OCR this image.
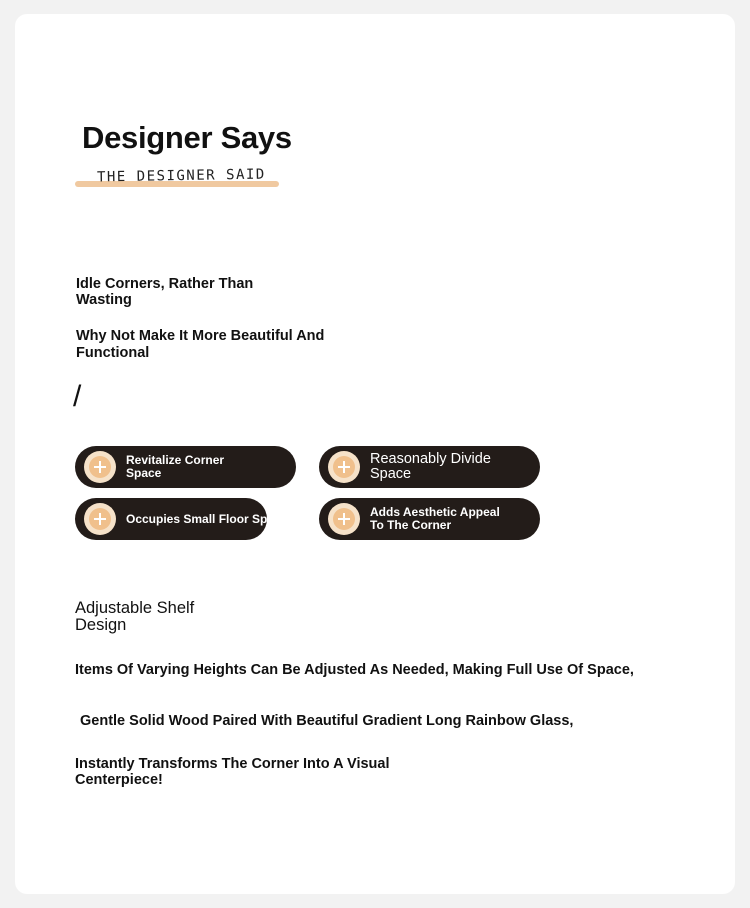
Designer Says
THE DESIGNER SAID

Idle Corners, Rather Than

Wasting

Why Not Make It More Beautiful And

Functional

/
Revitalize Corner
Space
Reasonably Divide
Space
Occupies Small Floor Space	Adds Aesthetic Appeal
To The Corner

Adjustable Shelf

Design

Items Of Varying Heights Can Be Adjusted As Needed, Making Full Use Of Space,

Gentle Solid Wood Paired With Beautiful Gradient Long Rainbow Glass,

Instantly Transforms The Corner Into A Visual

Centerpiece!
